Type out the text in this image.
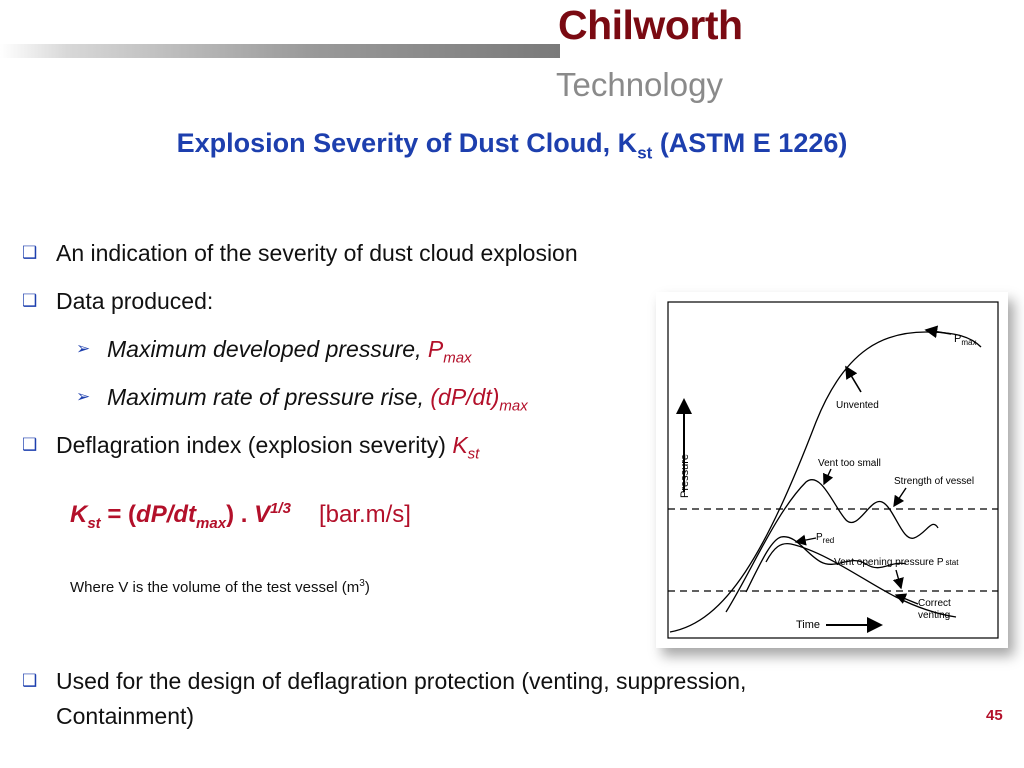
Chilworth
Technology
Explosion Severity of Dust Cloud, $K_{st}$ (ASTM E 1226)
❑ An indication of the severity of dust cloud explosion
❑ Data produced:
➢ Maximum developed pressure, $P_{max}$
➢ Maximum rate of pressure rise, $(dP/dt)_{max}$
❑ Deflagration index (explosion severity) $K_{st}$
$K_{st} = (dP/dt_{max})$ . $V^{1/3}$ [bar.m/s]
Where V is the volume of the test vessel $(m^3)$
❑ Used for the design of deflagration protection (venting, suppression,
Containment)	45
Pressure
Time
$P_{max}$
Unvented
Vent too small
Strength of vessel
$P_{red}$
Vent opening pressure P stat
Correct
venting
